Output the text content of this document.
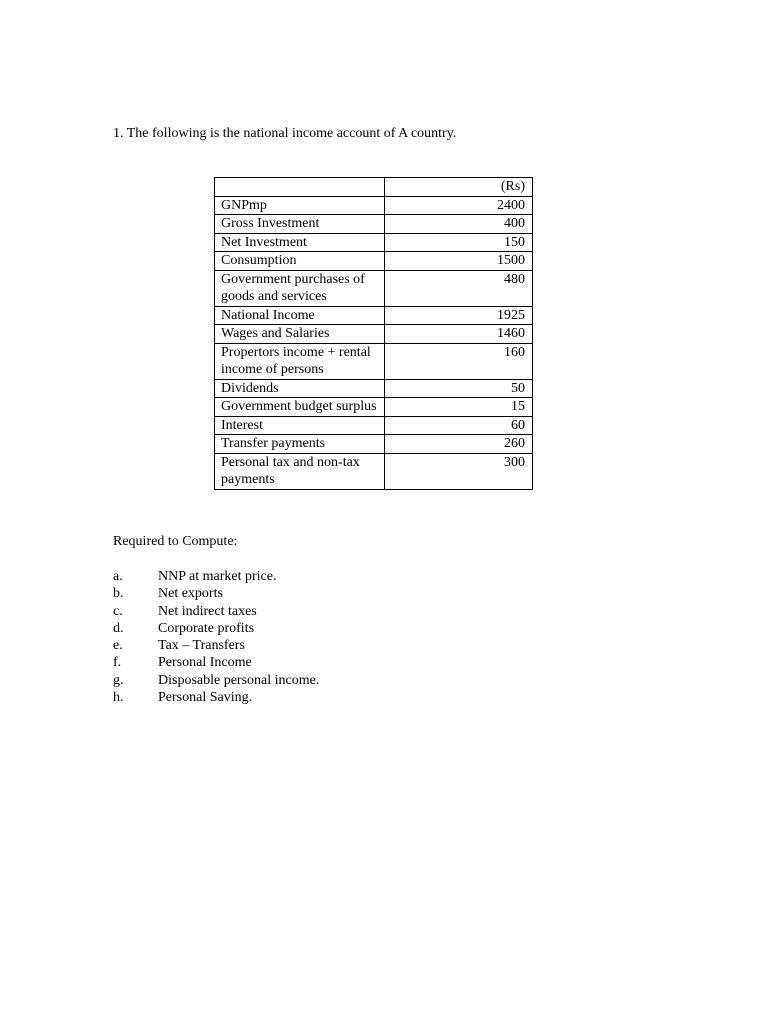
1. The following is the national income account of A country.

	(Rs)
GNPmp	2400
Gross Investment	400
Net Investment	150
Consumption	1500
Government purchases of goods and services	480
National Income	1925
Wages and Salaries	1460
Propertors income + rental income of persons	160
Dividends	50
Government budget surplus	15
Interest	60
Transfer payments	260
Personal tax and non-tax payments	300

Required to Compute:

a.	NNP at market price.
b.	Net exports
c.	Net indirect taxes
d.	Corporate profits
e.	Tax – Transfers
f.	Personal Income
g.	Disposable personal income.
h.	Personal Saving.
